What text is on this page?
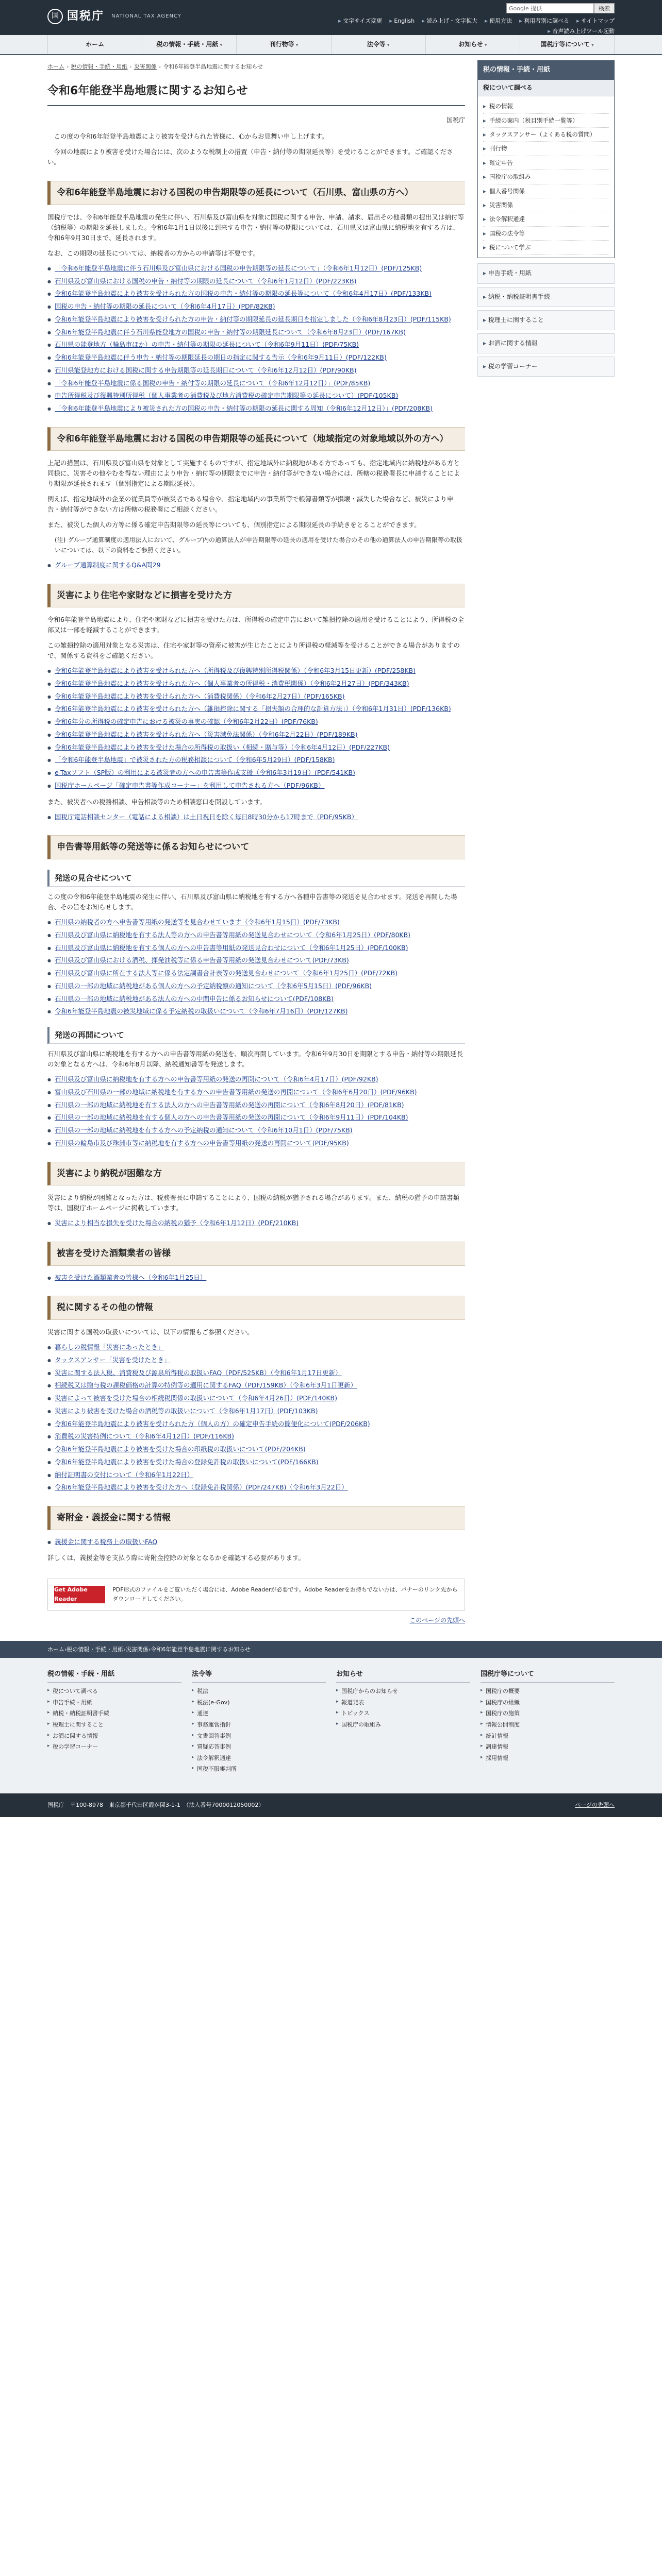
国 国税庁 NATIONAL TAX AGENCY
Google 提供
検索
▸ 文字サイズ変更	▸ English	▸ 読み上げ・文字拡大	▸ 使用方法	▸ 利用者別に調べる	▸ サイトマップ
▸ 音声読み上げツール起動
ホーム	税の情報・手続・用紙 ▾	刊行物等 ▾	法令等 ▾	お知らせ ▾	国税庁等について ▾
ホーム › 税の情報・手続・用紙 › 災害関係 › 令和6年能登半島地震に関するお知らせ
令和6年能登半島地震に関するお知らせ
国税庁

この度の令和6年能登半島地震により被害を受けられた皆様に、心からお見舞い申し上げます。

今回の地震により被害を受けた場合には、次のような税制上の措置（申告・納付等の期限延長等）を受けることができます。ご確認ください。

令和6年能登半島地震における国税の申告期限等の延長について（石川県、富山県の方へ）

国税庁では、令和6年能登半島地震の発生に伴い、石川県及び富山県を対象に国税に関する申告、申請、請求、届出その他書類の提出又は納付等（納税等）の期限を延長しました。令和6年1月1日以後に到来する申告・納付等の期限については、石川県又は富山県に納税地を有する方は、令和6年9月30日まで、延長されます。

なお、この期限の延長については、納税者の方からの申請等は不要です。

● 「令和6年能登半島地震に伴う石川県及び富山県における国税の申告期限等の延長について」（令和6年1月12日）(PDF/125KB)
● 石川県及び富山県における国税の申告・納付等の期限の延長について（令和6年1月12日）(PDF/223KB)
● 令和6年能登半島地震により被害を受けられた方の国税の申告・納付等の期限の延長等について（令和6年4月17日）(PDF/133KB)
● 国税の申告・納付等の期限の延長について（令和6年4月17日）(PDF/82KB)
● 令和6年能登半島地震により被害を受けられた方の申告・納付等の期限延長の延長期日を指定しました（令和6年8月23日）(PDF/115KB)
● 令和6年能登半島地震に伴う石川県能登地方の国税の申告・納付等の期限延長について（令和6年8月23日）(PDF/167KB)
● 石川県の能登地方（輪島市ほか）の申告・納付等の期限の延長について（令和6年9月11日）(PDF/75KB)
● 令和6年能登半島地震に伴う申告・納付等の期限延長の期日の指定に関する告示（令和6年9月11日）(PDF/122KB)
● 石川県能登地方における国税に関する申告期限等の延長期日について（令和6年12月12日）(PDF/90KB)
● 「令和6年能登半島地震に係る国税の申告・納付等の期限の延長について（令和6年12月12日）」(PDF/85KB)
● 申告所得税及び復興特別所得税（個人事業者の消費税及び地方消費税の確定申告期限等の延長について）(PDF/105KB)
● 「令和6年能登半島地震により被災された方の国税の申告・納付等の期限の延長に関する周知（令和6年12月12日）」(PDF/208KB)
令和6年能登半島地震における国税の申告期限等の延長について（地域指定の対象地域以外の方へ）

上記の措置は、石川県及び富山県を対象として実施するものですが、指定地域外に納税地がある方であっても、指定地域内に納税地がある方と同様に、災害その他やむを得ない理由により申告・納付等の期限までに申告・納付等ができない場合には、所轄の税務署長に申請することにより期限が延長されます（個別指定による期限延長）。

例えば、指定地域外の企業の従業員等が被災者である場合や、指定地域内の事業所等で帳簿書類等が損壊・滅失した場合など、被災により申告・納付等ができない方は所轄の税務署にご相談ください。

また、被災した個人の方等に係る確定申告期限等の延長等についても、個別指定による期限延長の手続きをとることができます。

(注) グループ通算制度の適用法人において、グループ内の通算法人が申告期限等の延長の適用を受けた場合のその他の通算法人の申告期限等の取扱いについては、以下の資料をご参照ください。
● グループ通算制度に関するQ&A問29
災害により住宅や家財などに損害を受けた方

令和6年能登半島地震により、住宅や家財などに損害を受けた方は、所得税の確定申告において雑損控除の適用を受けることにより、所得税の全部又は一部を軽減することができます。

この雑損控除の適用対象となる災害は、住宅や家財等の資産に被害が生じたことにより所得税の軽減等を受けることができる場合がありますので、関係する資料をご確認ください。

● 令和6年能登半島地震により被害を受けられた方へ（所得税及び復興特別所得税関係）（令和6年3月15日更新）(PDF/258KB)
● 令和6年能登半島地震により被害を受けられた方へ（個人事業者の所得税・消費税関係）（令和6年2月27日）(PDF/343KB)
● 令和6年能登半島地震により被害を受けられた方へ（消費税関係）（令和6年2月27日）(PDF/165KB)
● 令和6年能登半島地震により被害を受けられた方へ（雑損控除に関する「損失額の合理的な計算方法」）（令和6年1月31日）(PDF/136KB)
● 令和6年分の所得税の確定申告における被災の事実の確認（令和6年2月22日）(PDF/76KB)
● 令和6年能登半島地震により被害を受けられた方へ（災害減免法関係）（令和6年2月22日）(PDF/189KB)
● 令和6年能登半島地震により被害を受けた場合の所得税の取扱い（相続・贈与等）（令和6年4月12日）(PDF/227KB)
● 「令和6年能登半島地震」で被災された方の税務相談について（令和6年5月29日）(PDF/158KB)
● e-Taxソフト（SP版）の利用による被災者の方への申告書等作成支援（令和6年3月19日）(PDF/541KB)
● 国税庁ホームページ「確定申告書等作成コーナー」を利用して申告される方へ（PDF/96KB）

また、被災者への税務相談、申告相談等のため相談窓口を開設しています。

● 国税庁電話相談センター（電話による相談）は土日祝日を除く毎日8時30分から17時まで（PDF/95KB）
申告書等用紙等の発送等に係るお知らせについて
発送の見合せについて

この度の令和6年能登半島地震の発生に伴い、石川県及び富山県に納税地を有する方へ各種申告書等の発送を見合わせます。発送を再開した場合、その旨をお知らせします。

● 石川県の納税者の方へ申告書等用紙の発送等を見合わせています（令和6年1月15日）(PDF/73KB)
● 石川県及び富山県に納税地を有する法人等の方への申告書等用紙の発送見合わせについて（令和6年1月25日）(PDF/80KB)
● 石川県及び富山県に納税地を有する個人の方への申告書等用紙の発送見合わせについて（令和6年1月25日）(PDF/100KB)
● 石川県及び富山県における酒税、揮発油税等に係る申告書等用紙の発送見合わせについて(PDF/73KB)
● 石川県及び富山県に所在する法人等に係る法定調書合計表等の発送見合わせについて（令和6年1月25日）(PDF/72KB)
● 石川県の一部の地域に納税地がある個人の方への予定納税額の通知について（令和6年5月15日）(PDF/96KB)
● 石川県の一部の地域に納税地がある法人の方への中間申告に係るお知らせについて(PDF/108KB)
● 令和6年能登半島地震の被災地域に係る予定納税の取扱いについて（令和6年7月16日）(PDF/127KB)
発送の再開について

石川県及び富山県に納税地を有する方への申告書等用紙の発送を、順次再開しています。令和6年9月30日を期限とする申告・納付等の期限延長の対象となる方へは、令和6年8月以降、納税通知書等を発送します。

● 石川県及び富山県に納税地を有する方への申告書等用紙の発送の再開について（令和6年4月17日）(PDF/92KB)
● 富山県及び石川県の一部の地域に納税地を有する方への申告書等用紙の発送の再開について（令和6年6月20日）(PDF/96KB)
● 石川県の一部の地域に納税地を有する法人の方への申告書等用紙の発送の再開について（令和6年8月20日）(PDF/81KB)
● 石川県の一部の地域に納税地を有する個人の方への申告書等用紙の発送の再開について（令和6年9月11日）(PDF/104KB)
● 石川県の一部の地域に納税地を有する方への予定納税の通知について（令和6年10月1日）(PDF/75KB)
● 石川県の輪島市及び珠洲市等に納税地を有する方への申告書等用紙の発送の再開について(PDF/95KB)
災害により納税が困難な方

災害により納税が困難となった方は、税務署長に申請することにより、国税の納税が猶予される場合があります。また、納税の猶予の申請書類等は、国税庁ホームページに掲載しています。

● 災害により相当な損失を受けた場合の納税の猶予（令和6年1月12日）(PDF/210KB)
被害を受けた酒類業者の皆様
● 被害を受けた酒類業者の皆様へ（令和6年1月25日）
税に関するその他の情報

災害に関する国税の取扱いについては、以下の情報もご参照ください。

● 暮らしの税情報「災害にあったとき」
● タックスアンサー「災害を受けたとき」
● 災害に関する法人税、消費税及び源泉所得税の取扱いFAQ（PDF/525KB）（令和6年1月17日更新）
● 相続税又は贈与税の課税価格の計算の特例等の適用に関するFAQ（PDF/159KB）（令和6年3月1日更新）
● 災害によって被害を受けた場合の相続税関係の取扱いについて（令和6年4月26日）(PDF/140KB)
● 災害により被害を受けた場合の酒税等の取扱いについて（令和6年1月17日）(PDF/103KB)
● 令和6年能登半島地震により被害を受けられた方（個人の方）の確定申告手続の簡便化について(PDF/206KB)
● 消費税の災害特例について（令和6年4月12日）(PDF/116KB)
● 令和6年能登半島地震により被害を受けた場合の印紙税の取扱いについて(PDF/204KB)
● 令和6年能登半島地震により被害を受けた場合の登録免許税の取扱いについて(PDF/166KB)
● 納付証明書の交付について（令和6年1月22日）
● 令和6年能登半島地震により被害を受けた方へ（登録免許税関係）(PDF/247KB)（令和6年3月22日）
寄附金・義援金に関する情報
● 義援金に関する税務上の取扱いFAQ

詳しくは、義援金等を支払う際に寄附金控除の対象となるかを確認する必要があります。

Get Adobe Reader
PDF形式のファイルをご覧いただく場合には、Adobe Readerが必要です。Adobe Readerをお持ちでない方は、バナーのリンク先からダウンロードしてください。
このページの先頭へ
税の情報・手続・用紙
税について調べる
▸ 税の情報
▸ 手続の案内（税目別手続一覧等）
▸ タックスアンサー（よくある税の質問）
▸ 刊行物
▸ 確定申告
▸ 国税庁の取組み
▸ 個人番号関係
▸ 災害関係
▸ 法令解釈通達
▸ 国税の法令等
▸ 税について学ぶ
▸ 申告手続・用紙
▸ 納税・納税証明書手続
▸ 税理士に関すること
▸ お酒に関する情報
▸ 税の学習コーナー
ホーム›税の情報・手続・用紙›災害関係›令和6年能登半島地震に関するお知らせ
税の情報・手続・用紙
▸ 税について調べる
▸ 申告手続・用紙
▸ 納税・納税証明書手続
▸ 税理士に関すること
▸ お酒に関する情報
▸ 税の学習コーナー
法令等
▸ 税法
▸ 税法(e-Gov)
▸ 通達
▸ 事務運営指針
▸ 文書回答事例
▸ 質疑応答事例
▸ 法令解釈通達
▸ 国税不服審判所
お知らせ
▸ 国税庁からのお知らせ
▸ 報道発表
▸ トピックス
▸ 国税庁の取組み
国税庁等について
▸ 国税庁の概要
▸ 国税庁の組織
▸ 国税庁の施策
▸ 情報公開制度
▸ 統計情報
▸ 調達情報
▸ 採用情報
国税庁　〒100-8978　東京都千代田区霞が関3-1-1　（法人番号7000012050002）	ページの先頭へ
